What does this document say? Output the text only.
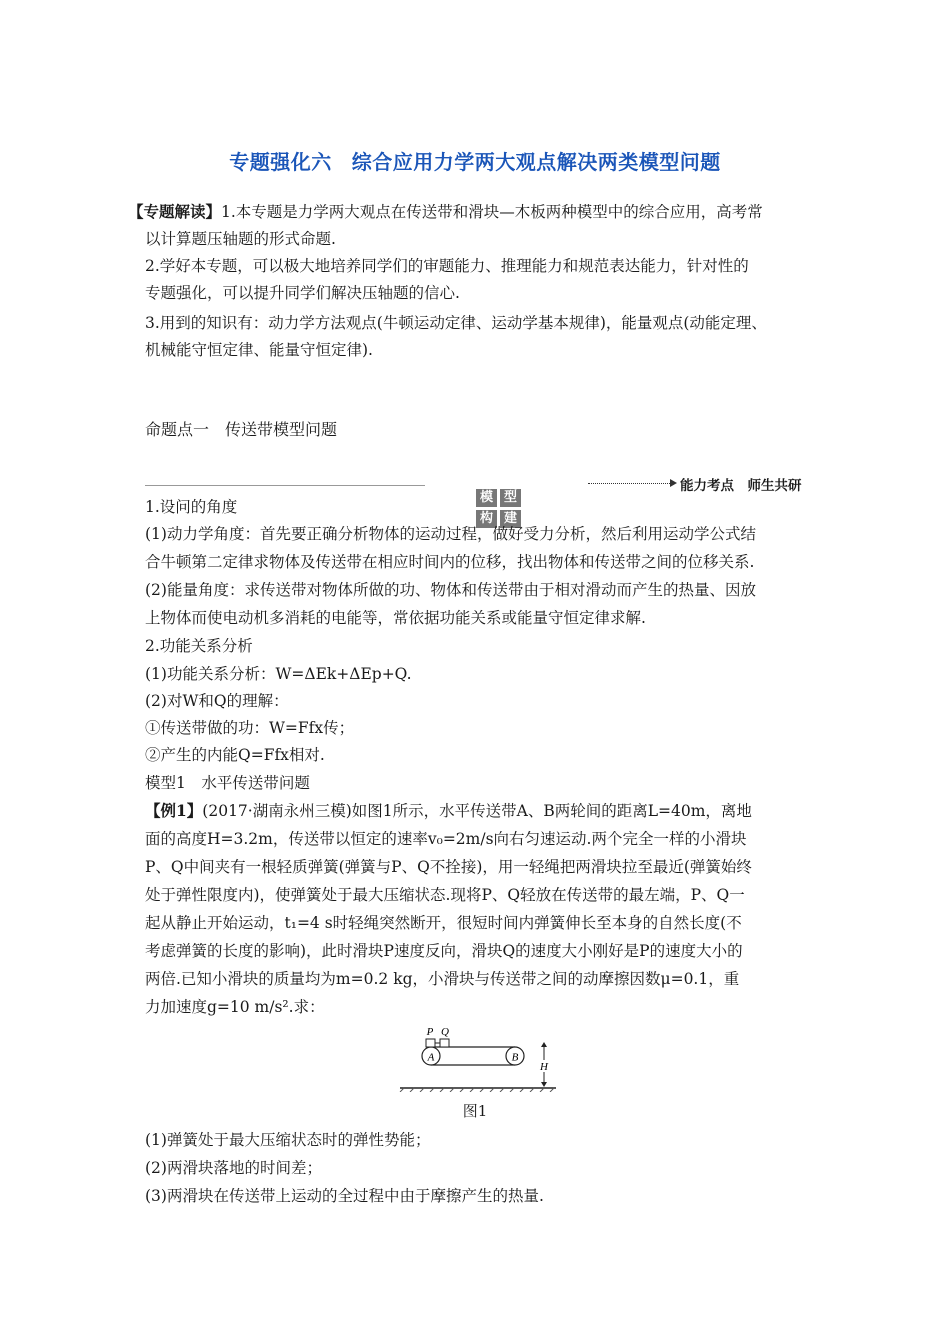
专题强化六 综合应用力学两大观点解决两类模型问题
【专题解读】1.本专题是力学两大观点在传送带和滑块—木板两种模型中的综合应用，高考常
以计算题压轴题的形式命题.
2.学好本专题，可以极大地培养同学们的审题能力、推理能力和规范表达能力，针对性的
专题强化，可以提升同学们解决压轴题的信心.
3.用到的知识有：动力学方法观点(牛顿运动定律、运动学基本规律)，能量观点(动能定理、
机械能守恒定律、能量守恒定律).
命题点一 传送带模型问题
能力考点　师生共研
模 型
构 建
1.设问的角度
(1)动力学角度：首先要正确分析物体的运动过程，做好受力分析，然后利用运动学公式结
合牛顿第二定律求物体及传送带在相应时间内的位移，找出物体和传送带之间的位移关系.
(2)能量角度：求传送带对物体所做的功、物体和传送带由于相对滑动而产生的热量、因放
上物体而使电动机多消耗的电能等，常依据功能关系或能量守恒定律求解.
2.功能关系分析
(1)功能关系分析：W=ΔEk+ΔEp+Q.
(2)对W和Q的理解：
①传送带做的功：W=Ffx传；
②产生的内能Q=Ffx相对.
模型1　水平传送带问题
【例1】(2017·湖南永州三模)如图1所示，水平传送带A、B两轮间的距离L=40m，离地
面的高度H=3.2m，传送带以恒定的速率v₀=2m/s向右匀速运动.两个完全一样的小滑块
P、Q中间夹有一根轻质弹簧(弹簧与P、Q不拴接)，用一轻绳把两滑块拉至最近(弹簧始终
处于弹性限度内)，使弹簧处于最大压缩状态.现将P、Q轻放在传送带的最左端，P、Q一
起从静止开始运动，t₁=4 s时轻绳突然断开，很短时间内弹簧伸长至本身的自然长度(不
考虑弹簧的长度的影响)，此时滑块P速度反向，滑块Q的速度大小刚好是P的速度大小的
两倍.已知小滑块的质量均为m=0.2 kg，小滑块与传送带之间的动摩擦因数μ=0.1，重
力加速度g=10 m/s².求：
A	B
P Q
H
图1
(1)弹簧处于最大压缩状态时的弹性势能；
(2)两滑块落地的时间差；
(3)两滑块在传送带上运动的全过程中由于摩擦产生的热量.
